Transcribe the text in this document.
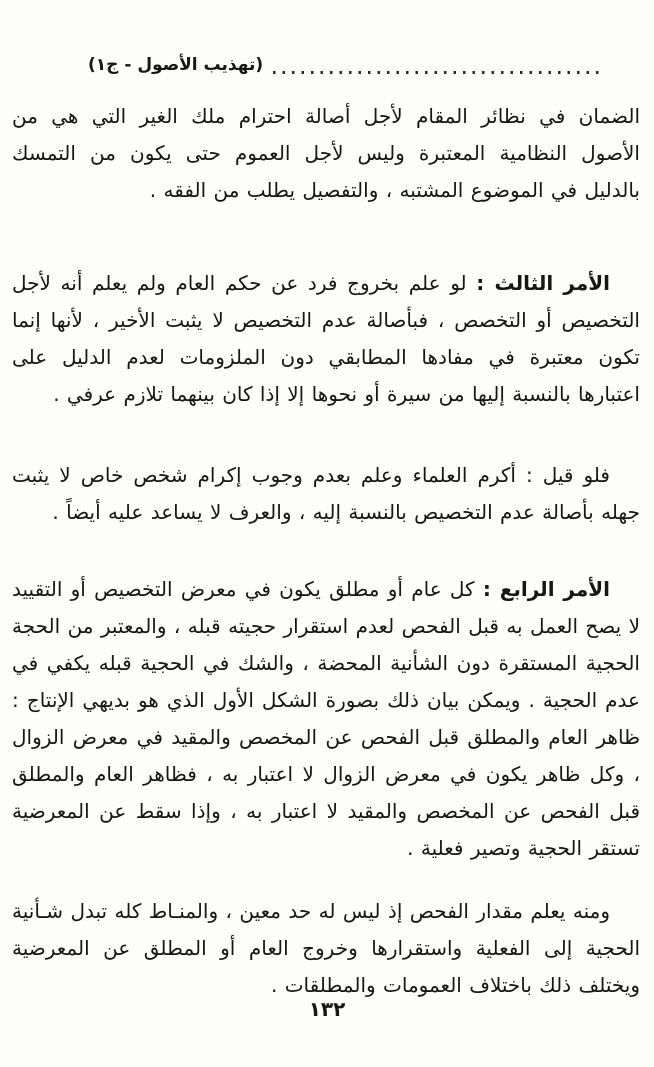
(تهذيب الأصول - ج١)

الضمان في نظائر المقام لأجل أصالة احترام ملك الغير التي هي من الأصول النظامية المعتبرة وليس لأجل العموم حتى يكون من التمسك بالدليل في الموضوع المشتبه ، والتفصيل يطلب من الفقه .

الأمر الثالث : لو علم بخروج فرد عن حكم العام ولم يعلم أنه لأجل التخصيص أو التخصص ، فبأصالة عدم التخصيص لا يثبت الأخير ، لأنها إنما تكون معتبرة في مفادها المطابقي دون الملزومات لعدم الدليل على اعتبارها بالنسبة إليها من سيرة أو نحوها إلا إذا كان بينهما تلازم عرفي .

فلو قيل : أكرم العلماء وعلم بعدم وجوب إكرام شخص خاص لا يثبت جهله بأصالة عدم التخصيص بالنسبة إليه ، والعرف لا يساعد عليه أيضاً .

الأمر الرابع : كل عام أو مطلق يكون في معرض التخصيص أو التقييد لا يصح العمل به قبل الفحص لعدم استقرار حجيته قبله ، والمعتبر من الحجة الحجية المستقرة دون الشأنية المحضة ، والشك في الحجية قبله يكفي في عدم الحجية . ويمكن بيان ذلك بصورة الشكل الأول الذي هو بديهي الإنتاج : ظاهر العام والمطلق قبل الفحص عن المخصص والمقيد في معرض الزوال ، وكل ظاهر يكون في معرض الزوال لا اعتبار به ، فظاهر العام والمطلق قبل الفحص عن المخصص والمقيد لا اعتبار به ، وإذا سقط عن المعرضية تستقر الحجية وتصير فعلية .

ومنه يعلم مقدار الفحص إذ ليس له حد معين ، والمنـاط كله تبدل شـأنية الحجية إلى الفعلية واستقرارها وخروج العام أو المطلق عن المعرضية ويختلف ذلك باختلاف العمومات والمطلقات .

١٣٢
